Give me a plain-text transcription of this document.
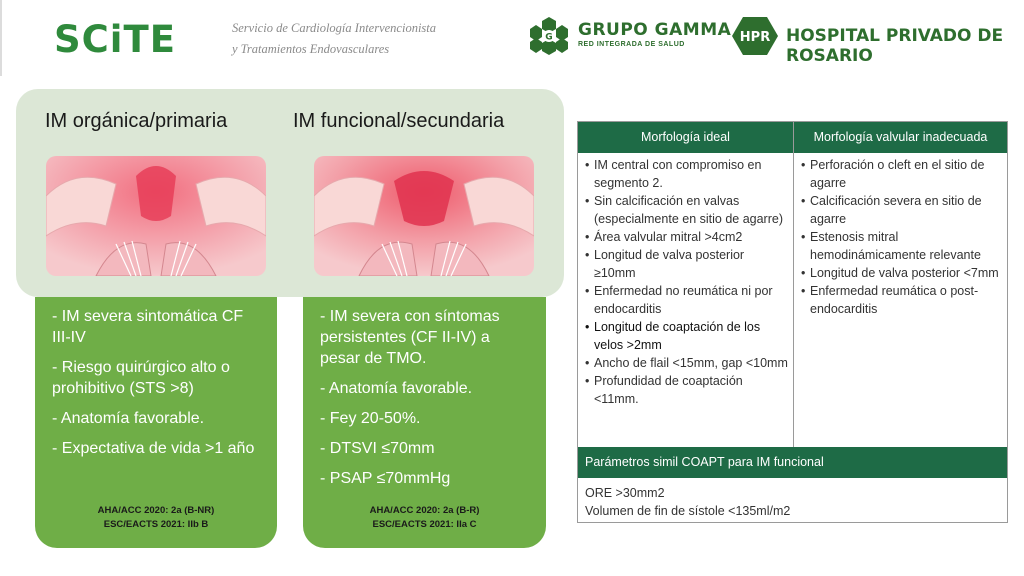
SCiTE	Servicio de Cardiología Intervencionista
y Tratamientos Endovasculares
G GRUPO GAMMA
RED INTEGRADA DE SALUD	HPR HOSPITAL PRIVADO DE ROSARIO
IM orgánica/primaria	IM funcional/secundaria
- IM severa sintomática CF III-IV
- Riesgo quirúrgico alto o prohibitivo (STS >8)
- Anatomía favorable.
- Expectativa de vida >1 año
AHA/ACC 2020: 2a (B-NR)
ESC/EACTS 2021: IIb B
- IM severa con síntomas persistentes (CF II-IV) a pesar de TMO.
- Anatomía favorable.
- Fey 20-50%.
- DTSVI ≤70mm
- PSAP ≤70mmHg
AHA/ACC 2020: 2a (B-R)
ESC/EACTS 2021: IIa C
Morfología ideal	Morfología valvular inadecuada
• IM central con compromiso en segmento 2.
• Sin calcificación en valvas (especialmente en sitio de agarre)
• Área valvular mitral >4cm2
• Longitud de valva posterior ≥10mm
• Enfermedad no reumática ni por endocarditis
• Longitud de coaptación de los velos >2mm
• Ancho de flail <15mm, gap <10mm
• Profundidad de coaptación <11mm.
• Perforación o cleft en el sitio de agarre
• Calcificación severa en sitio de agarre
• Estenosis mitral hemodinámicamente relevante
• Longitud de valva posterior <7mm
• Enfermedad reumática o post-endocarditis
Parámetros simil COAPT para IM funcional
ORE >30mm2
Volumen de fin de sístole <135ml/m2
